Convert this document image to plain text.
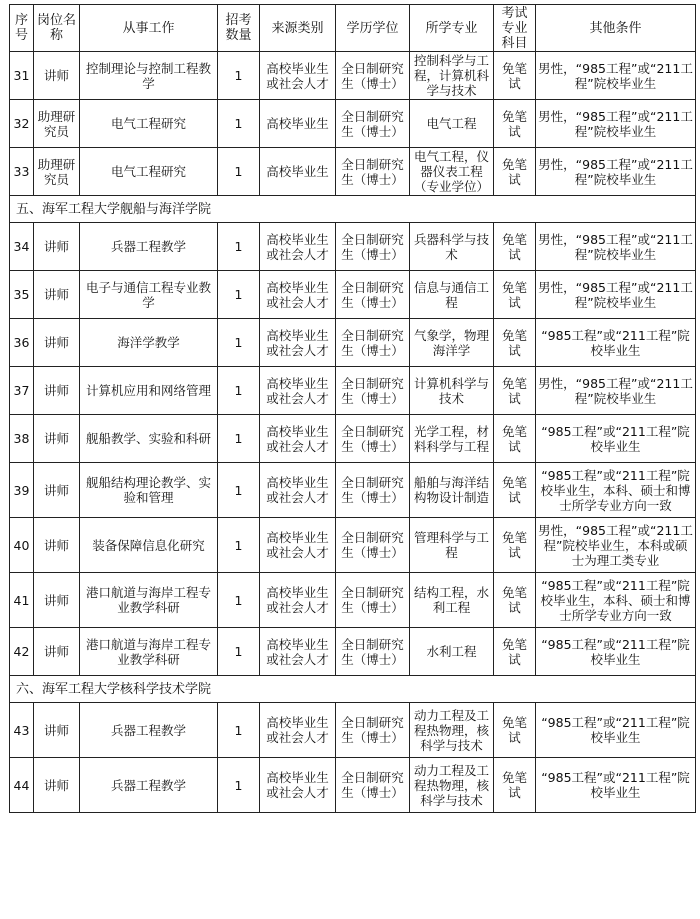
序号	岗位名称	从事工作	招考数量	来源类别	学历学位	所学专业	考试专业科目	其他条件
31	讲师	控制理论与控制工程教学	1	高校毕业生或社会人才	全日制研究生（博士）	控制科学与工程，计算机科学与技术	免笔试	男性，“985工程”或“211工程”院校毕业生
32	助理研究员	电气工程研究	1	高校毕业生	全日制研究生（博士）	电气工程	免笔试	男性，“985工程”或“211工程”院校毕业生
33	助理研究员	电气工程研究	1	高校毕业生	全日制研究生（博士）	电气工程，仪器仪表工程（专业学位）	免笔试	男性，“985工程”或“211工程”院校毕业生
五、海军工程大学舰船与海洋学院								
34	讲师	兵器工程教学	1	高校毕业生或社会人才	全日制研究生（博士）	兵器科学与技术	免笔试	男性，“985工程”或“211工程”院校毕业生
35	讲师	电子与通信工程专业教学	1	高校毕业生或社会人才	全日制研究生（博士）	信息与通信工程	免笔试	男性，“985工程”或“211工程”院校毕业生
36	讲师	海洋学教学	1	高校毕业生或社会人才	全日制研究生（博士）	气象学，物理海洋学	免笔试	“985工程”或“211工程”院校毕业生
37	讲师	计算机应用和网络管理	1	高校毕业生或社会人才	全日制研究生（博士）	计算机科学与技术	免笔试	男性，“985工程”或“211工程”院校毕业生
38	讲师	舰船教学、实验和科研	1	高校毕业生或社会人才	全日制研究生（博士）	光学工程，材料科学与工程	免笔试	“985工程”或“211工程”院校毕业生
39	讲师	舰船结构理论教学、实验和管理	1	高校毕业生或社会人才	全日制研究生（博士）	船舶与海洋结构物设计制造	免笔试	“985工程”或“211工程”院校毕业生，本科、硕士和博士所学专业方向一致
40	讲师	装备保障信息化研究	1	高校毕业生或社会人才	全日制研究生（博士）	管理科学与工程	免笔试	男性，“985工程”或“211工程”院校毕业生，本科或硕士为理工类专业
41	讲师	港口航道与海岸工程专业教学科研	1	高校毕业生或社会人才	全日制研究生（博士）	结构工程，水利工程	免笔试	“985工程”或“211工程”院校毕业生，本科、硕士和博士所学专业方向一致
42	讲师	港口航道与海岸工程专业教学科研	1	高校毕业生或社会人才	全日制研究生（博士）	水利工程	免笔试	“985工程”或“211工程”院校毕业生
六、海军工程大学核科学技术学院								
43	讲师	兵器工程教学	1	高校毕业生或社会人才	全日制研究生（博士）	动力工程及工程热物理，核科学与技术	免笔试	“985工程”或“211工程”院校毕业生
44	讲师	兵器工程教学	1	高校毕业生或社会人才	全日制研究生（博士）	动力工程及工程热物理，核科学与技术	免笔试	“985工程”或“211工程”院校毕业生
